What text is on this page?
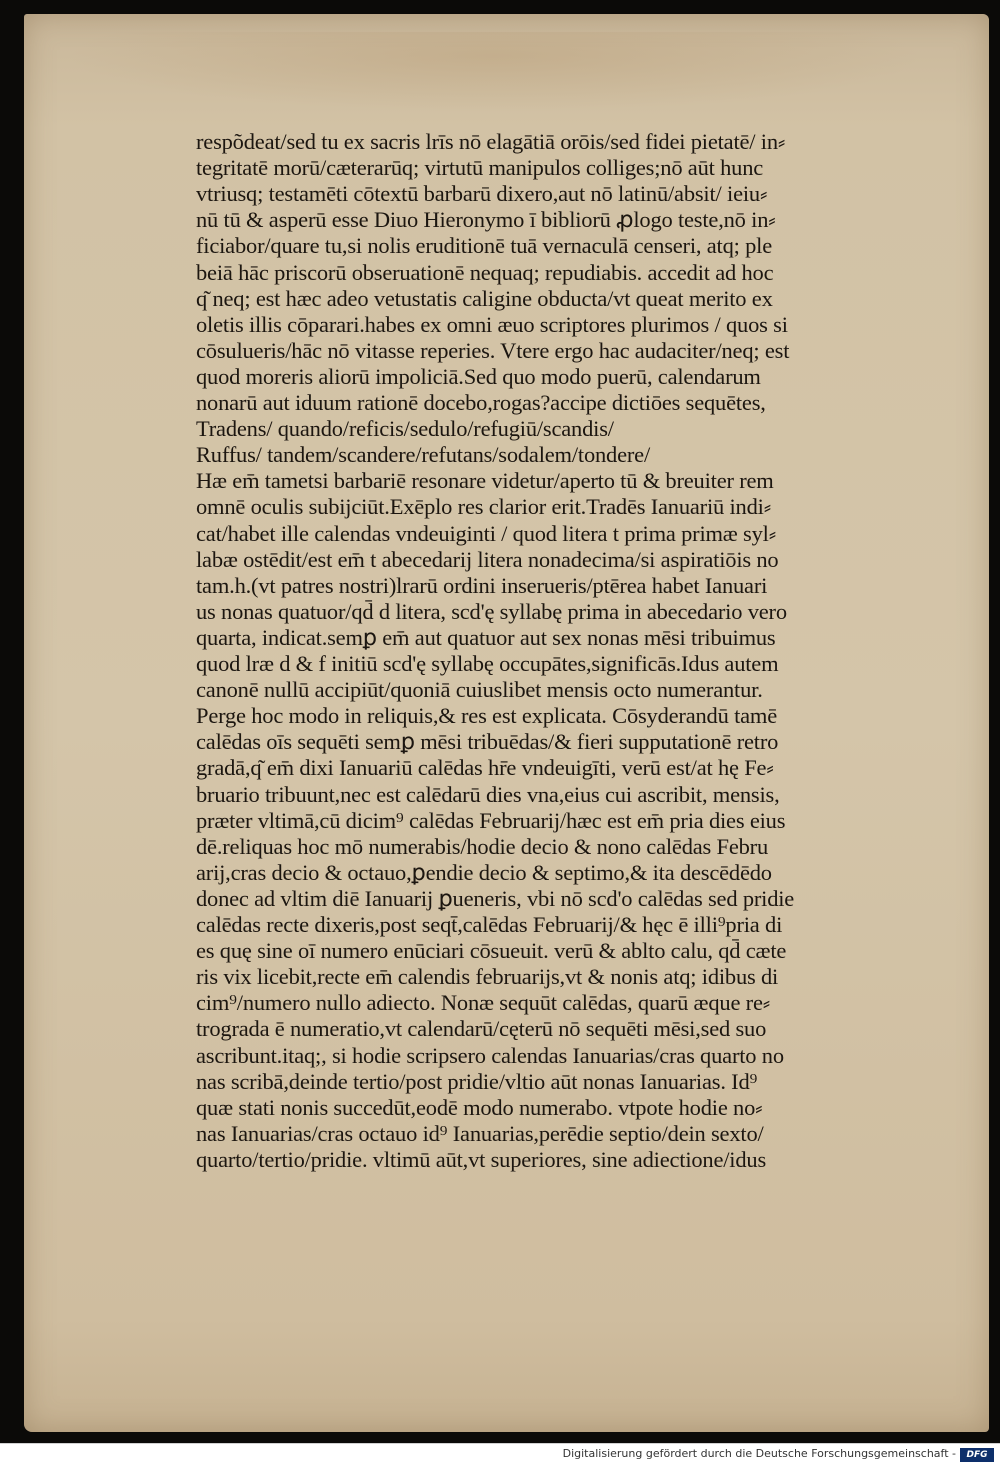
respõdeat/sed tu ex sacris lrīs nō elagātiā orōis/sed fidei pietatē/ in⸗
tegritatē morū/cæterarūq; virtutū manipulos colliges;nō aūt hunc
vtriusq; testamēti cōtextū barbarū dixero,aut nō latinū/absit/ ieiu⸗
nū tū & asperū esse Diuo Hieronymo ī bibliorū ꝓlogo teste,nō in⸗
ficiabor/quare tu,si nolis eruditionē tuā vernaculā censeri, atq; ple
beiā hāc priscorū obseruationē nequaq; repudiabis. accedit ad hoc
q͂ neq; est hæc adeo vetustatis caligine obducta/vt queat merito ex
oletis illis cōparari.habes ex omni æuo scriptores plurimos / quos si
cōsulueris/hāc nō vitasse reperies. Vtere ergo hac audaciter/neq; est
quod moreris aliorū impoliciā.Sed quo modo puerū, calendarum
nonarū aut iduum rationē docebo,rogas?accipe dictiōes sequētes,
Tradens/ quando/reficis/sedulo/refugiū/scandis/
Ruffus/ tandem/scandere/refutans/sodalem/tondere/
Hæ em̄ tametsi barbariē resonare videtur/aperto tū & breuiter rem
omnē oculis subijciūt.Exēplo res clarior erit.Tradēs Ianuariū indi⸗
cat/habet ille calendas vndeuiginti / quod litera t prima primæ syl⸗
labæ ostēdit/est em̄ t abecedarij litera nonadecima/si aspiratiōis no
tam.h.(vt patres nostri)lrarū ordini inserueris/ptērea habet Ianuari
us nonas quatuor/qd̄ d litera, scd'ę syllabę prima in abecedario vero
quarta, indicat.semꝑ em̄ aut quatuor aut sex nonas mēsi tribuimus
quod lræ d & f initiū scd'ę syllabę occupātes,significās.Idus autem
canonē nullū accipiūt/quoniā cuiuslibet mensis octo numerantur.
Perge hoc modo in reliquis,& res est explicata. Cōsyderandū tamē
calēdas oīs sequēti semꝑ mēsi tribuēdas/& fieri supputationē retro
gradā,q͂ em̄ dixi Ianuariū calēdas hr̄e vndeuigīti, verū est/at hę Fe⸗
bruario tribuunt,nec est calēdarū dies vna,eius cui ascribit, mensis,
præter vltimā,cū dicim⁹ calēdas Februarij/hæc est em̄ pria dies eius
dē.reliquas hoc mō numerabis/hodie decio & nono calēdas Febru
arij,cras decio & octauo,ꝑendie decio & septimo,& ita descēdēdo
donec ad vltim diē Ianuarij ꝑueneris, vbi nō scd'o calēdas sed pridie
calēdas recte dixeris,post seqt̄,calēdas Februarij/& hęc ē illi⁹pria di
es quę sine oī numero enūciari cōsueuit. verū & ablto calu, qd̄ cæte
ris vix licebit,recte em̄ calendis februarijs,vt & nonis atq; idibus di
cim⁹/numero nullo adiecto. Nonæ sequūt calēdas, quarū æque re⸗
trograda ē numeratio,vt calendarū/cęterū nō sequēti mēsi,sed suo
ascribunt.itaq;, si hodie scripsero calendas Ianuarias/cras quarto no
nas scribā,deinde tertio/post pridie/vltio aūt nonas Ianuarias. Id⁹
quæ stati nonis succedūt,eodē modo numerabo. vtpote hodie no⸗
nas Ianuarias/cras octauo id⁹ Ianuarias,perēdie septio/dein sexto/
quarto/tertio/pridie. vltimū aūt,vt superiores, sine adiectione/idus
Digitalisierung gefördert durch die Deutsche Forschungsgemeinschaft -	DFG
